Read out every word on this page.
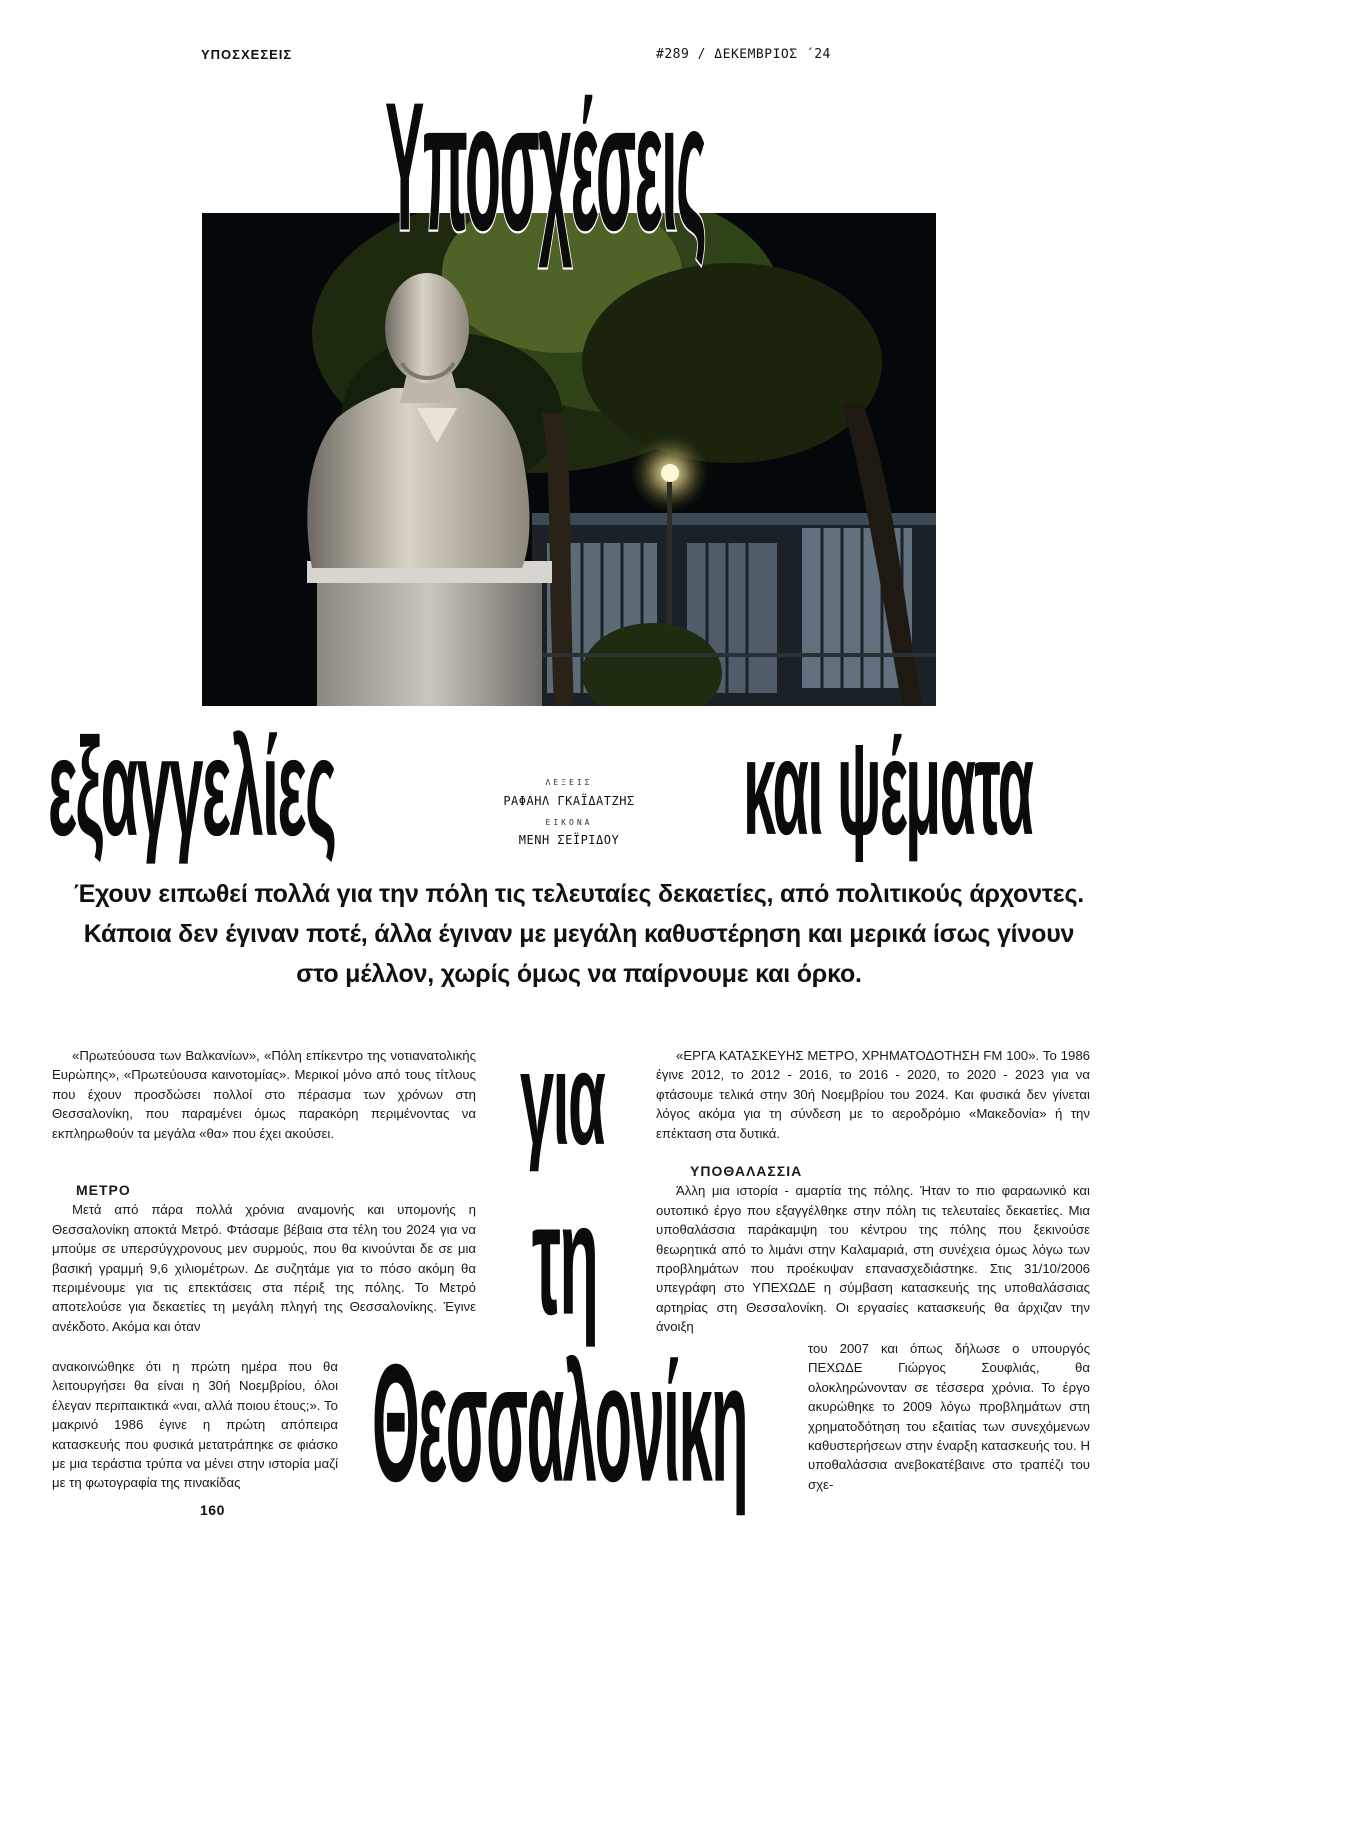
ΥΠΟΣΧΕΣΕΙΣ	#289 / ΔΕΚΕΜΒΡΙΟΣ ΄24
Υποσχέσεις
εξαγγελίες	και ψέματα
για
τη
Θεσσαλονίκη
ΛΕΞΕΙΣ
ΡΑΦΑΗΛ ΓΚΑΪΔΑΤΖΗΣ
ΕΙΚΟΝΑ
ΜΕΝΗ ΣΕΪΡΙΔΟΥ
Έχουν ειπωθεί πολλά για την πόλη τις τελευταίες δεκαετίες, από πολιτικούς άρχοντες. Κάποια δεν έγιναν ποτέ, άλλα έγιναν με μεγάλη καθυστέρηση και μερικά ίσως γίνουν στο μέλλον, χωρίς όμως να παίρνουμε και όρκο.

«Πρωτεύουσα των Βαλκανίων», «Πόλη επίκεντρο της νοτιανατολικής Ευρώπης», «Πρωτεύουσα καινοτομίας». Μερικοί μόνο από τους τίτλους που έχουν προσδώσει πολλοί στο πέρασμα των χρόνων στη Θεσσαλονίκη, που παραμένει όμως παρακόρη περιμένοντας να εκπληρωθούν τα μεγάλα «θα» που έχει ακούσει.

ΜΕΤΡΟ

Μετά από πάρα πολλά χρόνια αναμονής και υπομονής η Θεσσαλονίκη αποκτά Μετρό. Φτάσαμε βέβαια στα τέλη του 2024 για να μπούμε σε υπερσύγχρονους μεν συρμούς, που θα κινούνται δε σε μια βασική γραμμή 9,6 χιλιομέτρων. Δε συζητάμε για το πόσο ακόμη θα περιμένουμε για τις επεκτάσεις στα πέριξ της πόλης. Το Μετρό αποτελούσε για δεκαετίες τη μεγάλη πληγή της Θεσσαλονίκης. Έγινε ανέκδοτο. Ακόμα και όταν

ανακοινώθηκε ότι η πρώτη ημέρα που θα λειτουργήσει θα είναι η 30ή Νοεμβρίου, όλοι έλεγαν περιπαικτικά «ναι, αλλά ποιου έτους;». Το μακρινό 1986 έγινε η πρώτη απόπειρα κατασκευής που φυσικά μετατράπηκε σε φιάσκο με μια τεράστια τρύπα να μένει στην ιστορία μαζί με τη φωτογραφία της πινακίδας

«ΕΡΓΑ ΚΑΤΑΣΚΕΥΗΣ ΜΕΤΡΟ, ΧΡΗΜΑΤΟΔΟΤΗΣΗ FM 100». Το 1986 έγινε 2012, το 2012 - 2016, το 2016 - 2020, το 2020 - 2023 για να φτάσουμε τελικά στην 30ή Νοεμβρίου του 2024. Και φυσικά δεν γίνεται λόγος ακόμα για τη σύνδεση με το αεροδρόμιο «Μακεδονία» ή την επέκταση στα δυτικά.

ΥΠΟΘΑΛΑΣΣΙΑ

Άλλη μια ιστορία - αμαρτία της πόλης. Ήταν το πιο φαραωνικό και ουτοπικό έργο που εξαγγέλθηκε στην πόλη τις τελευταίες δεκαετίες. Μια υποθαλάσσια παράκαμψη του κέντρου της πόλης που ξεκινούσε θεωρητικά από το λιμάνι στην Καλαμαριά, στη συνέχεια όμως λόγω των προβλημάτων που προέκυψαν επανασχεδιάστηκε. Στις 31/10/2006 υπεγράφη στο ΥΠΕΧΩΔΕ η σύμβαση κατασκευής της υποθαλάσσιας αρτηρίας στη Θεσσαλονίκη. Οι εργασίες κατασκευής θα άρχιζαν την άνοιξη

του 2007 και όπως δήλωσε ο υπουργός ΠΕΧΩΔΕ Γιώργος Σουφλιάς, θα ολοκληρώνονταν σε τέσσερα χρόνια. Το έργο ακυρώθηκε το 2009 λόγω προβλημάτων στη χρηματοδότηση του εξαιτίας των συνεχόμενων καθυστερήσεων στην έναρξη κατασκευής του. Η υποθαλάσσια ανεβοκατέβαινε στο τραπέζι του σχε-

160
